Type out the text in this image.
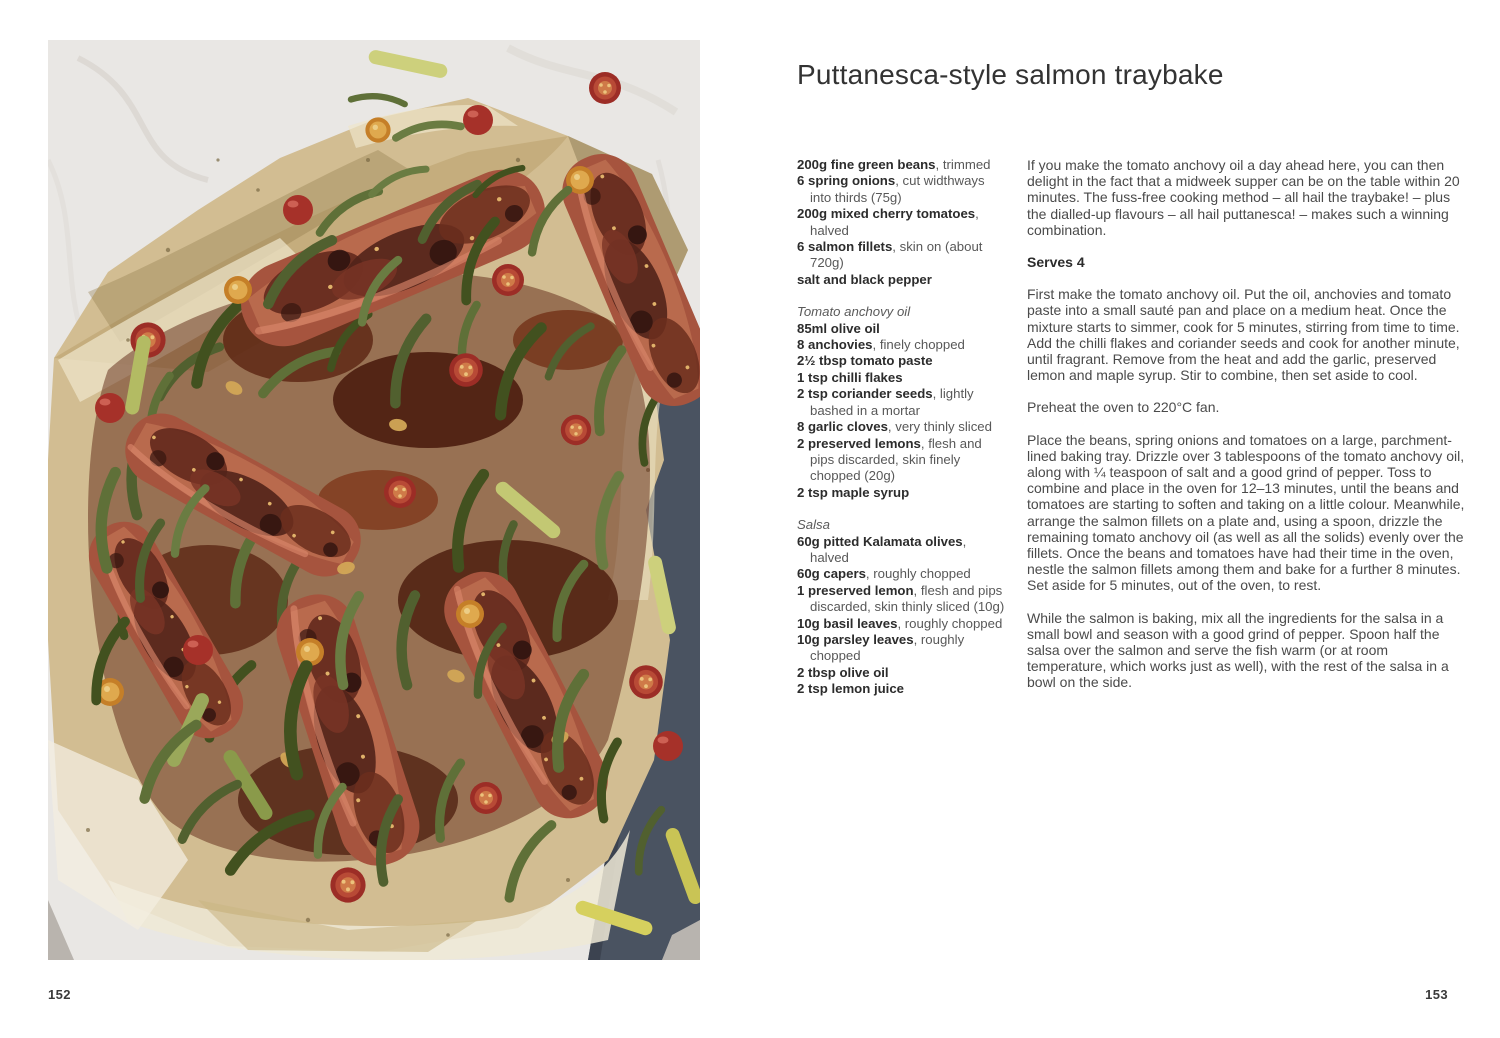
152	153
Puttanesca-style salmon traybake
200g fine green beans, trimmed
6 spring onions, cut widthways into thirds (75g)
200g mixed cherry tomatoes, halved
6 salmon fillets, skin on (about 720g)
salt and black pepper
Tomato anchovy oil
85ml olive oil
8 anchovies, finely chopped
2½ tbsp tomato paste
1 tsp chilli flakes
2 tsp coriander seeds, lightly bashed in a mortar
8 garlic cloves, very thinly sliced
2 preserved lemons, flesh and pips discarded, skin finely chopped (20g)
2 tsp maple syrup
Salsa
60g pitted Kalamata olives, halved
60g capers, roughly chopped
1 preserved lemon, flesh and pips discarded, skin thinly sliced (10g)
10g basil leaves, roughly chopped
10g parsley leaves, roughly chopped
2 tbsp olive oil
2 tsp lemon juice

If you make the tomato anchovy oil a day ahead here, you can then delight in the fact that a midweek supper can be on the table within 20 minutes. The fuss-free cooking method – all hail the traybake! – plus the dialled-up flavours – all hail puttanesca! – makes such a winning combination.

Serves 4

First make the tomato anchovy oil. Put the oil, anchovies and tomato paste into a small sauté pan and place on a medium heat. Once the mixture starts to simmer, cook for 5 minutes, stirring from time to time. Add the chilli flakes and coriander seeds and cook for another minute, until fragrant. Remove from the heat and add the garlic, preserved lemon and maple syrup. Stir to combine, then set aside to cool.

Preheat the oven to 220°C fan.

Place the beans, spring onions and tomatoes on a large, parchment-lined baking tray. Drizzle over 3 tablespoons of the tomato anchovy oil, along with ¼ teaspoon of salt and a good grind of pepper. Toss to combine and place in the oven for 12–13 minutes, until the beans and tomatoes are starting to soften and taking on a little colour. Meanwhile, arrange the salmon fillets on a plate and, using a spoon, drizzle the remaining tomato anchovy oil (as well as all the solids) evenly over the fillets. Once the beans and tomatoes have had their time in the oven, nestle the salmon fillets among them and bake for a further 8 minutes. Set aside for 5 minutes, out of the oven, to rest.

While the salmon is baking, mix all the ingredients for the salsa in a small bowl and season with a good grind of pepper. Spoon half the salsa over the salmon and serve the fish warm (or at room temperature, which works just as well), with the rest of the salsa in a bowl on the side.
